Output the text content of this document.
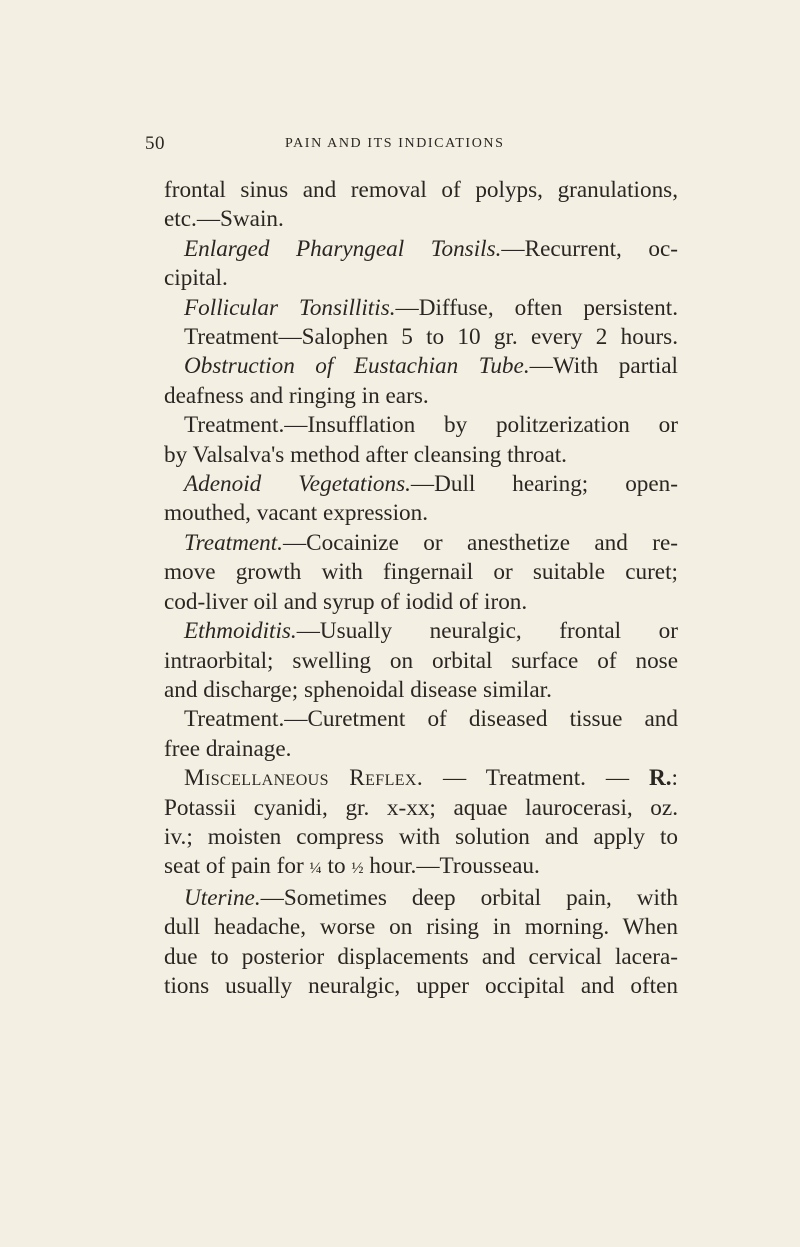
50	PAIN AND ITS INDICATIONS
frontal sinus and removal of polyps, granulations,
etc.—Swain.
Enlarged Pharyngeal Tonsils.—Recurrent, oc-
cipital.
Follicular Tonsillitis.—Diffuse, often persistent.
Treatment—Salophen 5 to 10 gr. every 2 hours.
Obstruction of Eustachian Tube.—With partial
deafness and ringing in ears.
Treatment.—Insufflation by politzerization or
by Valsalva's method after cleansing throat.
Adenoid Vegetations.—Dull hearing; open-
mouthed, vacant expression.
Treatment.—Cocainize or anesthetize and re-
move growth with fingernail or suitable curet;
cod-liver oil and syrup of iodid of iron.
Ethmoiditis.—Usually neuralgic, frontal or
intraorbital; swelling on orbital surface of nose
and discharge; sphenoidal disease similar.
Treatment.—Curetment of diseased tissue and
free drainage.
Miscellaneous Reflex. — Treatment. — R.:
Potassii cyanidi, gr. x-xx; aquae laurocerasi, oz.
iv.; moisten compress with solution and apply to
seat of pain for ¼ to ½ hour.—Trousseau.
Uterine.—Sometimes deep orbital pain, with
dull headache, worse on rising in morning. When
due to posterior displacements and cervical lacera-
tions usually neuralgic, upper occipital and often
